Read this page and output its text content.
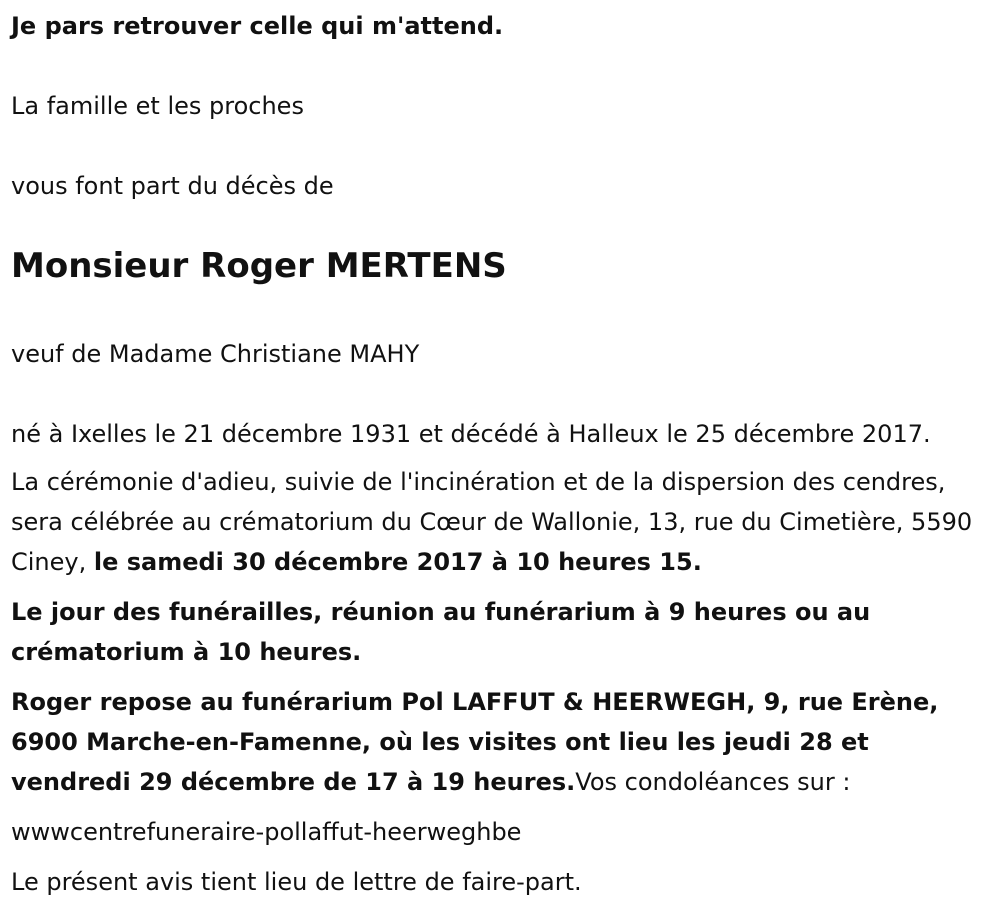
Je pars retrouver celle qui m'attend.

La famille et les proches

vous font part du décès de

Monsieur Roger MERTENS

veuf de Madame Christiane MAHY

né à Ixelles le 21 décembre 1931 et décédé à Halleux le 25 décembre 2017.

La cérémonie d'adieu, suivie de l'incinération et de la dispersion des cendres, sera célébrée au crématorium du Cœur de Wallonie, 13, rue du Cimetière, 5590 Ciney, le samedi 30 décembre 2017 à 10 heures 15.

Le jour des funérailles, réunion au funérarium à 9 heures ou au crématorium à 10 heures.

Roger repose au funérarium Pol LAFFUT & HEERWEGH, 9, rue Erène, 6900 Marche-en-Famenne, où les visites ont lieu les jeudi 28 et vendredi 29 décembre de 17 à 19 heures.Vos condoléances sur :

wwwcentrefuneraire-pollaffut-heerweghbe

Le présent avis tient lieu de lettre de faire-part.
